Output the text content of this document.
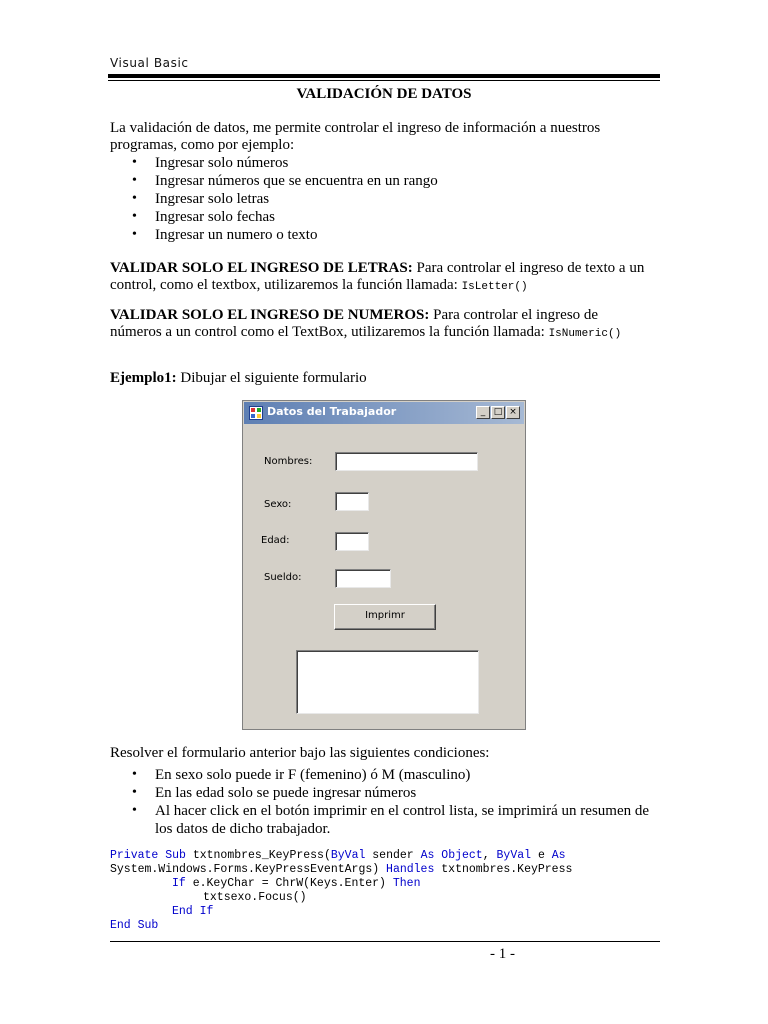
Visual Basic
VALIDACIÓN DE DATOS

La validación de datos, me permite controlar el ingreso de información a nuestros programas, como por ejemplo:

• Ingresar solo números
• Ingresar números que se encuentra en un rango
• Ingresar solo letras
• Ingresar solo fechas
• Ingresar un numero o texto

VALIDAR SOLO EL INGRESO DE LETRAS: Para controlar el ingreso de texto a un control, como el textbox, utilizaremos la función llamada: IsLetter()

VALIDAR SOLO EL INGRESO DE NUMEROS: Para controlar el ingreso de números a un control como el TextBox, utilizaremos la función llamada: IsNumeric()

Ejemplo1: Dibujar el siguiente formulario

Datos del Trabajador	_ □ ×
Nombres:
Sexo:
Edad:
Sueldo:
Imprimr

Resolver el formulario anterior bajo las siguientes condiciones:

• En sexo solo puede ir F (femenino) ó M (masculino)
• En las edad solo se puede ingresar números
• Al hacer click en el botón imprimir en el control lista, se imprimirá un resumen de los datos de dicho trabajador.
Private Sub txtnombres_KeyPress(ByVal sender As Object, ByVal e As
System.Windows.Forms.KeyPressEventArgs) Handles txtnombres.KeyPress
If e.KeyChar = ChrW(Keys.Enter) Then
txtsexo.Focus()
End If
End Sub
- 1 -
